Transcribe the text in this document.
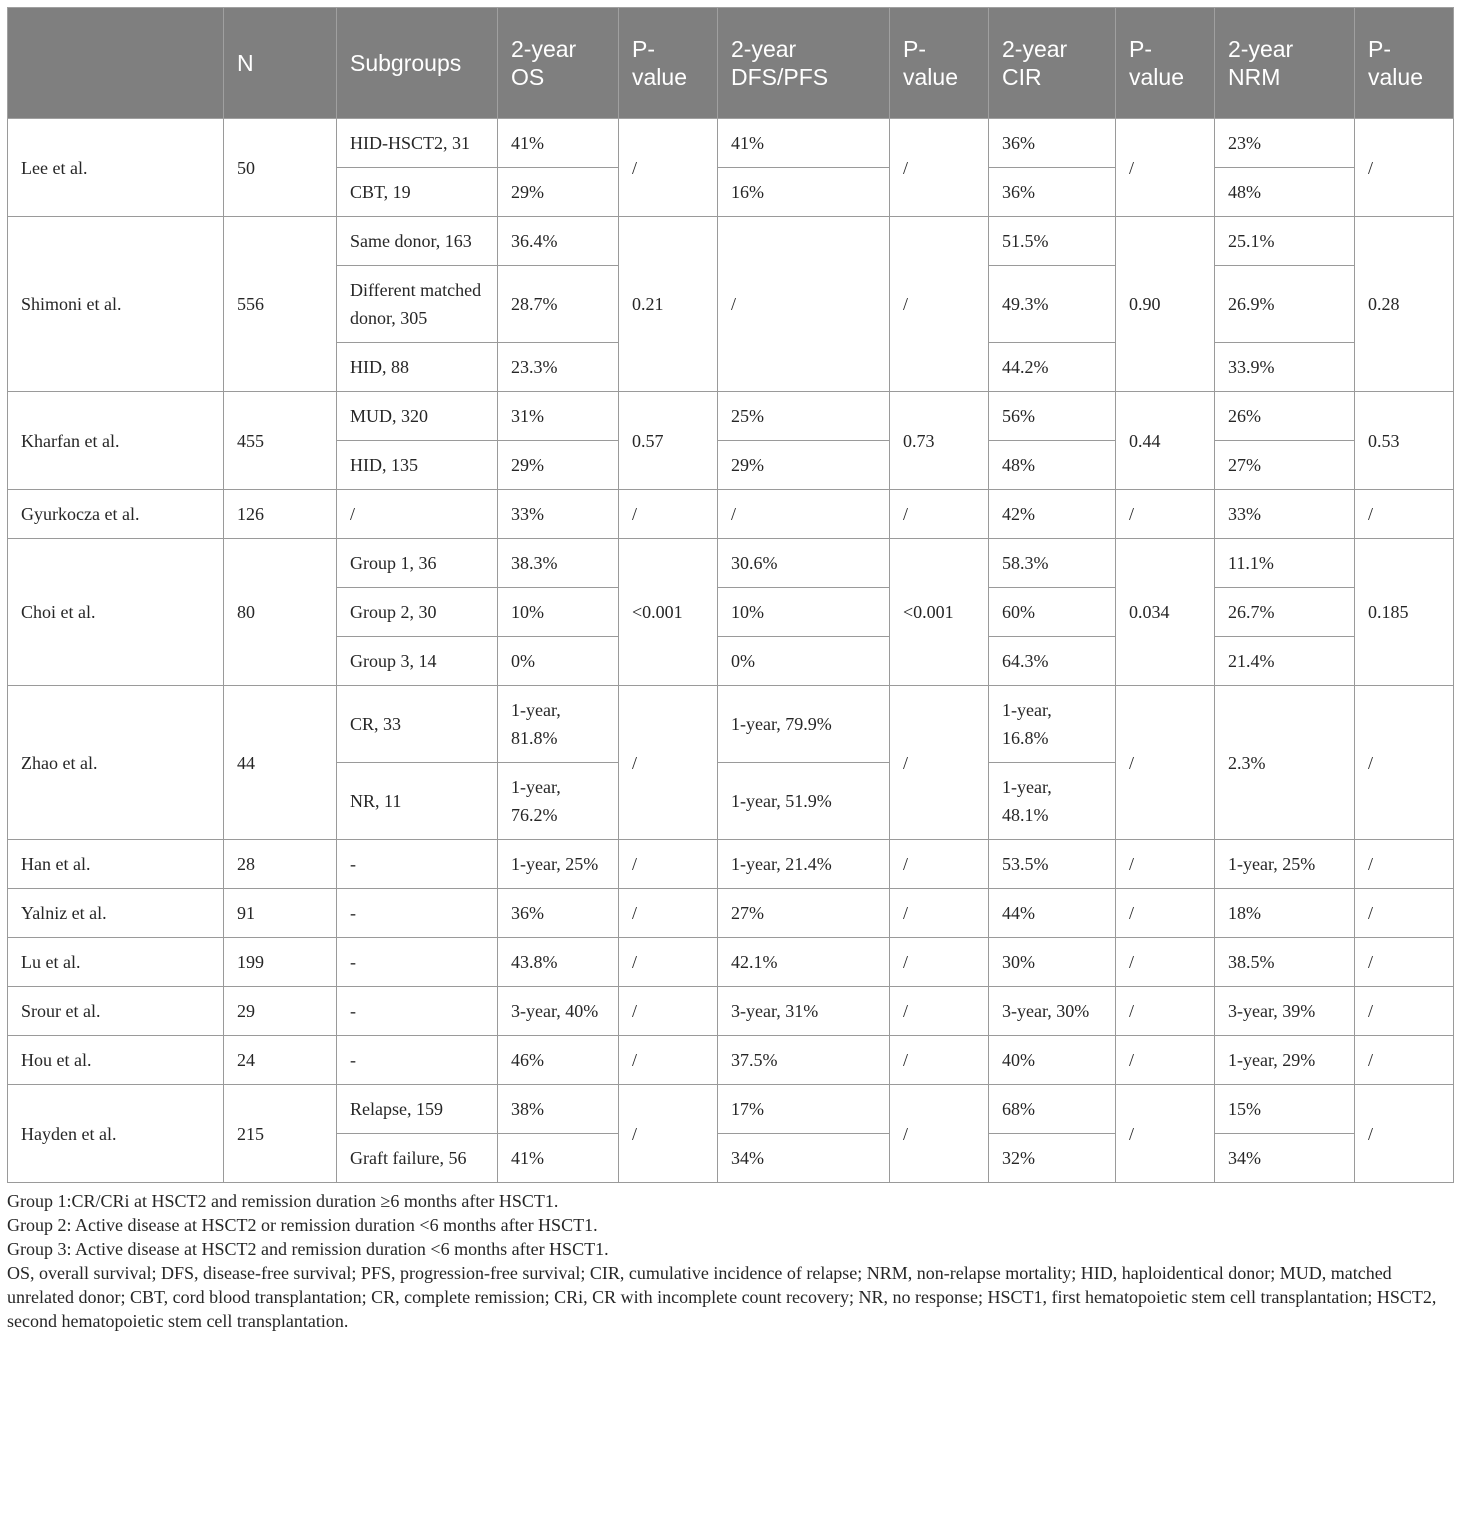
	N	Subgroups	2-year OS	P-value	2-year DFS/PFS	P-value	2-year CIR	P-value	2-year NRM	P-value
Lee et al.	50	HID-HSCT2, 31	41%	/	41%	/	36%	/	23%	/
		CBT, 19	29%		16%		36%		48%	
Shimoni et al.	556	Same donor, 163	36.4%	0.21	/	/	51.5%	0.90	25.1%	0.28
		Different matched donor, 305	28.7%				49.3%		26.9%	
		HID, 88	23.3%				44.2%		33.9%	
Kharfan et al.	455	MUD, 320	31%	0.57	25%	0.73	56%	0.44	26%	0.53
		HID, 135	29%		29%		48%		27%	
Gyurkocza et al.	126	/	33%	/	/	/	42%	/	33%	/
Choi et al.	80	Group 1, 36	38.3%	<0.001	30.6%	<0.001	58.3%	0.034	11.1%	0.185
		Group 2, 30	10%		10%		60%		26.7%	
		Group 3, 14	0%		0%		64.3%		21.4%	
Zhao et al.	44	CR, 33	1-year, 81.8%	/	1-year, 79.9%	/	1-year, 16.8%	/	2.3%	/
		NR, 11	1-year, 76.2%		1-year, 51.9%		1-year, 48.1%			
Han et al.	28	-	1-year, 25%	/	1-year, 21.4%	/	53.5%	/	1-year, 25%	/
Yalniz et al.	91	-	36%	/	27%	/	44%	/	18%	/
Lu et al.	199	-	43.8%	/	42.1%	/	30%	/	38.5%	/
Srour et al.	29	-	3-year, 40%	/	3-year, 31%	/	3-year, 30%	/	3-year, 39%	/
Hou et al.	24	-	46%	/	37.5%	/	40%	/	1-year, 29%	/
Hayden et al.	215	Relapse, 159	38%	/	17%	/	68%	/	15%	/
		Graft failure, 56	41%		34%		32%		34%	
Group 1:CR/CRi at HSCT2 and remission duration ≥6 months after HSCT1.
Group 2: Active disease at HSCT2 or remission duration <6 months after HSCT1.
Group 3: Active disease at HSCT2 and remission duration <6 months after HSCT1.
OS, overall survival; DFS, disease-free survival; PFS, progression-free survival; CIR, cumulative incidence of relapse; NRM, non-relapse mortality; HID, haploidentical donor; MUD, matched unrelated donor; CBT, cord blood transplantation; CR, complete remission; CRi, CR with incomplete count recovery; NR, no response; HSCT1, first hematopoietic stem cell transplantation; HSCT2, second hematopoietic stem cell transplantation.
